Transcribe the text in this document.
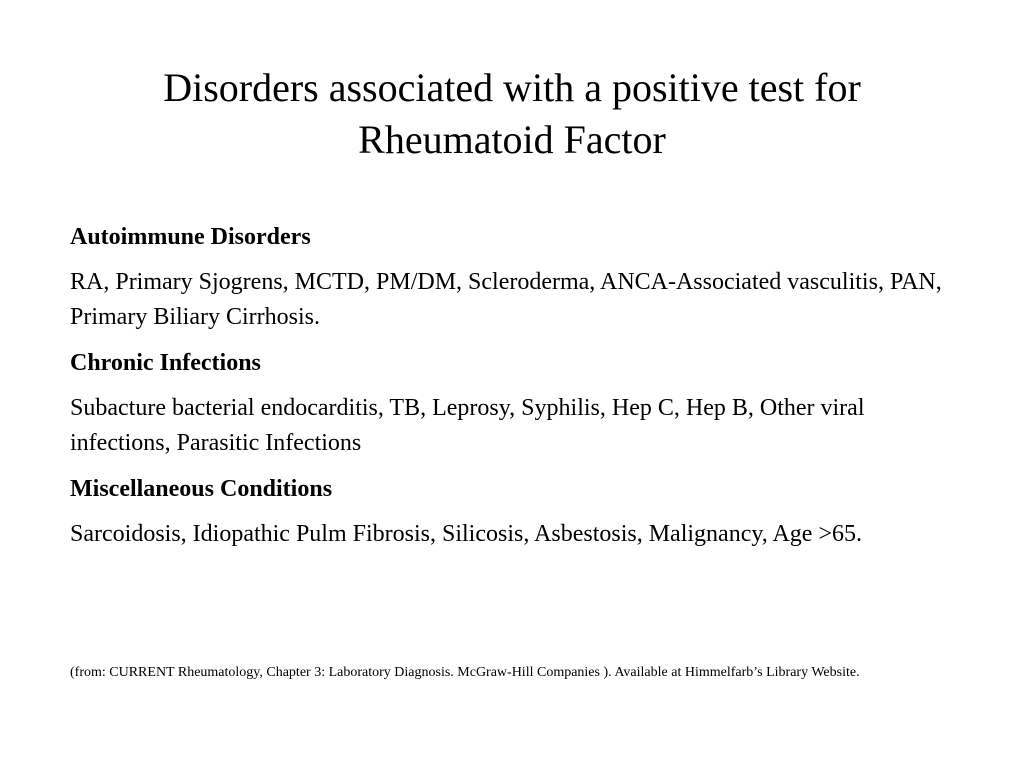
Disorders associated with a positive test for Rheumatoid Factor

Autoimmune Disorders

RA, Primary Sjogrens, MCTD, PM/DM, Scleroderma, ANCA-Associated vasculitis, PAN, Primary Biliary Cirrhosis.

Chronic Infections

Subacture bacterial endocarditis, TB, Leprosy, Syphilis, Hep C, Hep B, Other viral infections, Parasitic Infections

Miscellaneous Conditions

Sarcoidosis, Idiopathic Pulm Fibrosis, Silicosis, Asbestosis, Malignancy, Age >65.

(from: CURRENT Rheumatology, Chapter 3: Laboratory Diagnosis. McGraw-Hill Companies ). Available at Himmelfarb’s Library Website.
